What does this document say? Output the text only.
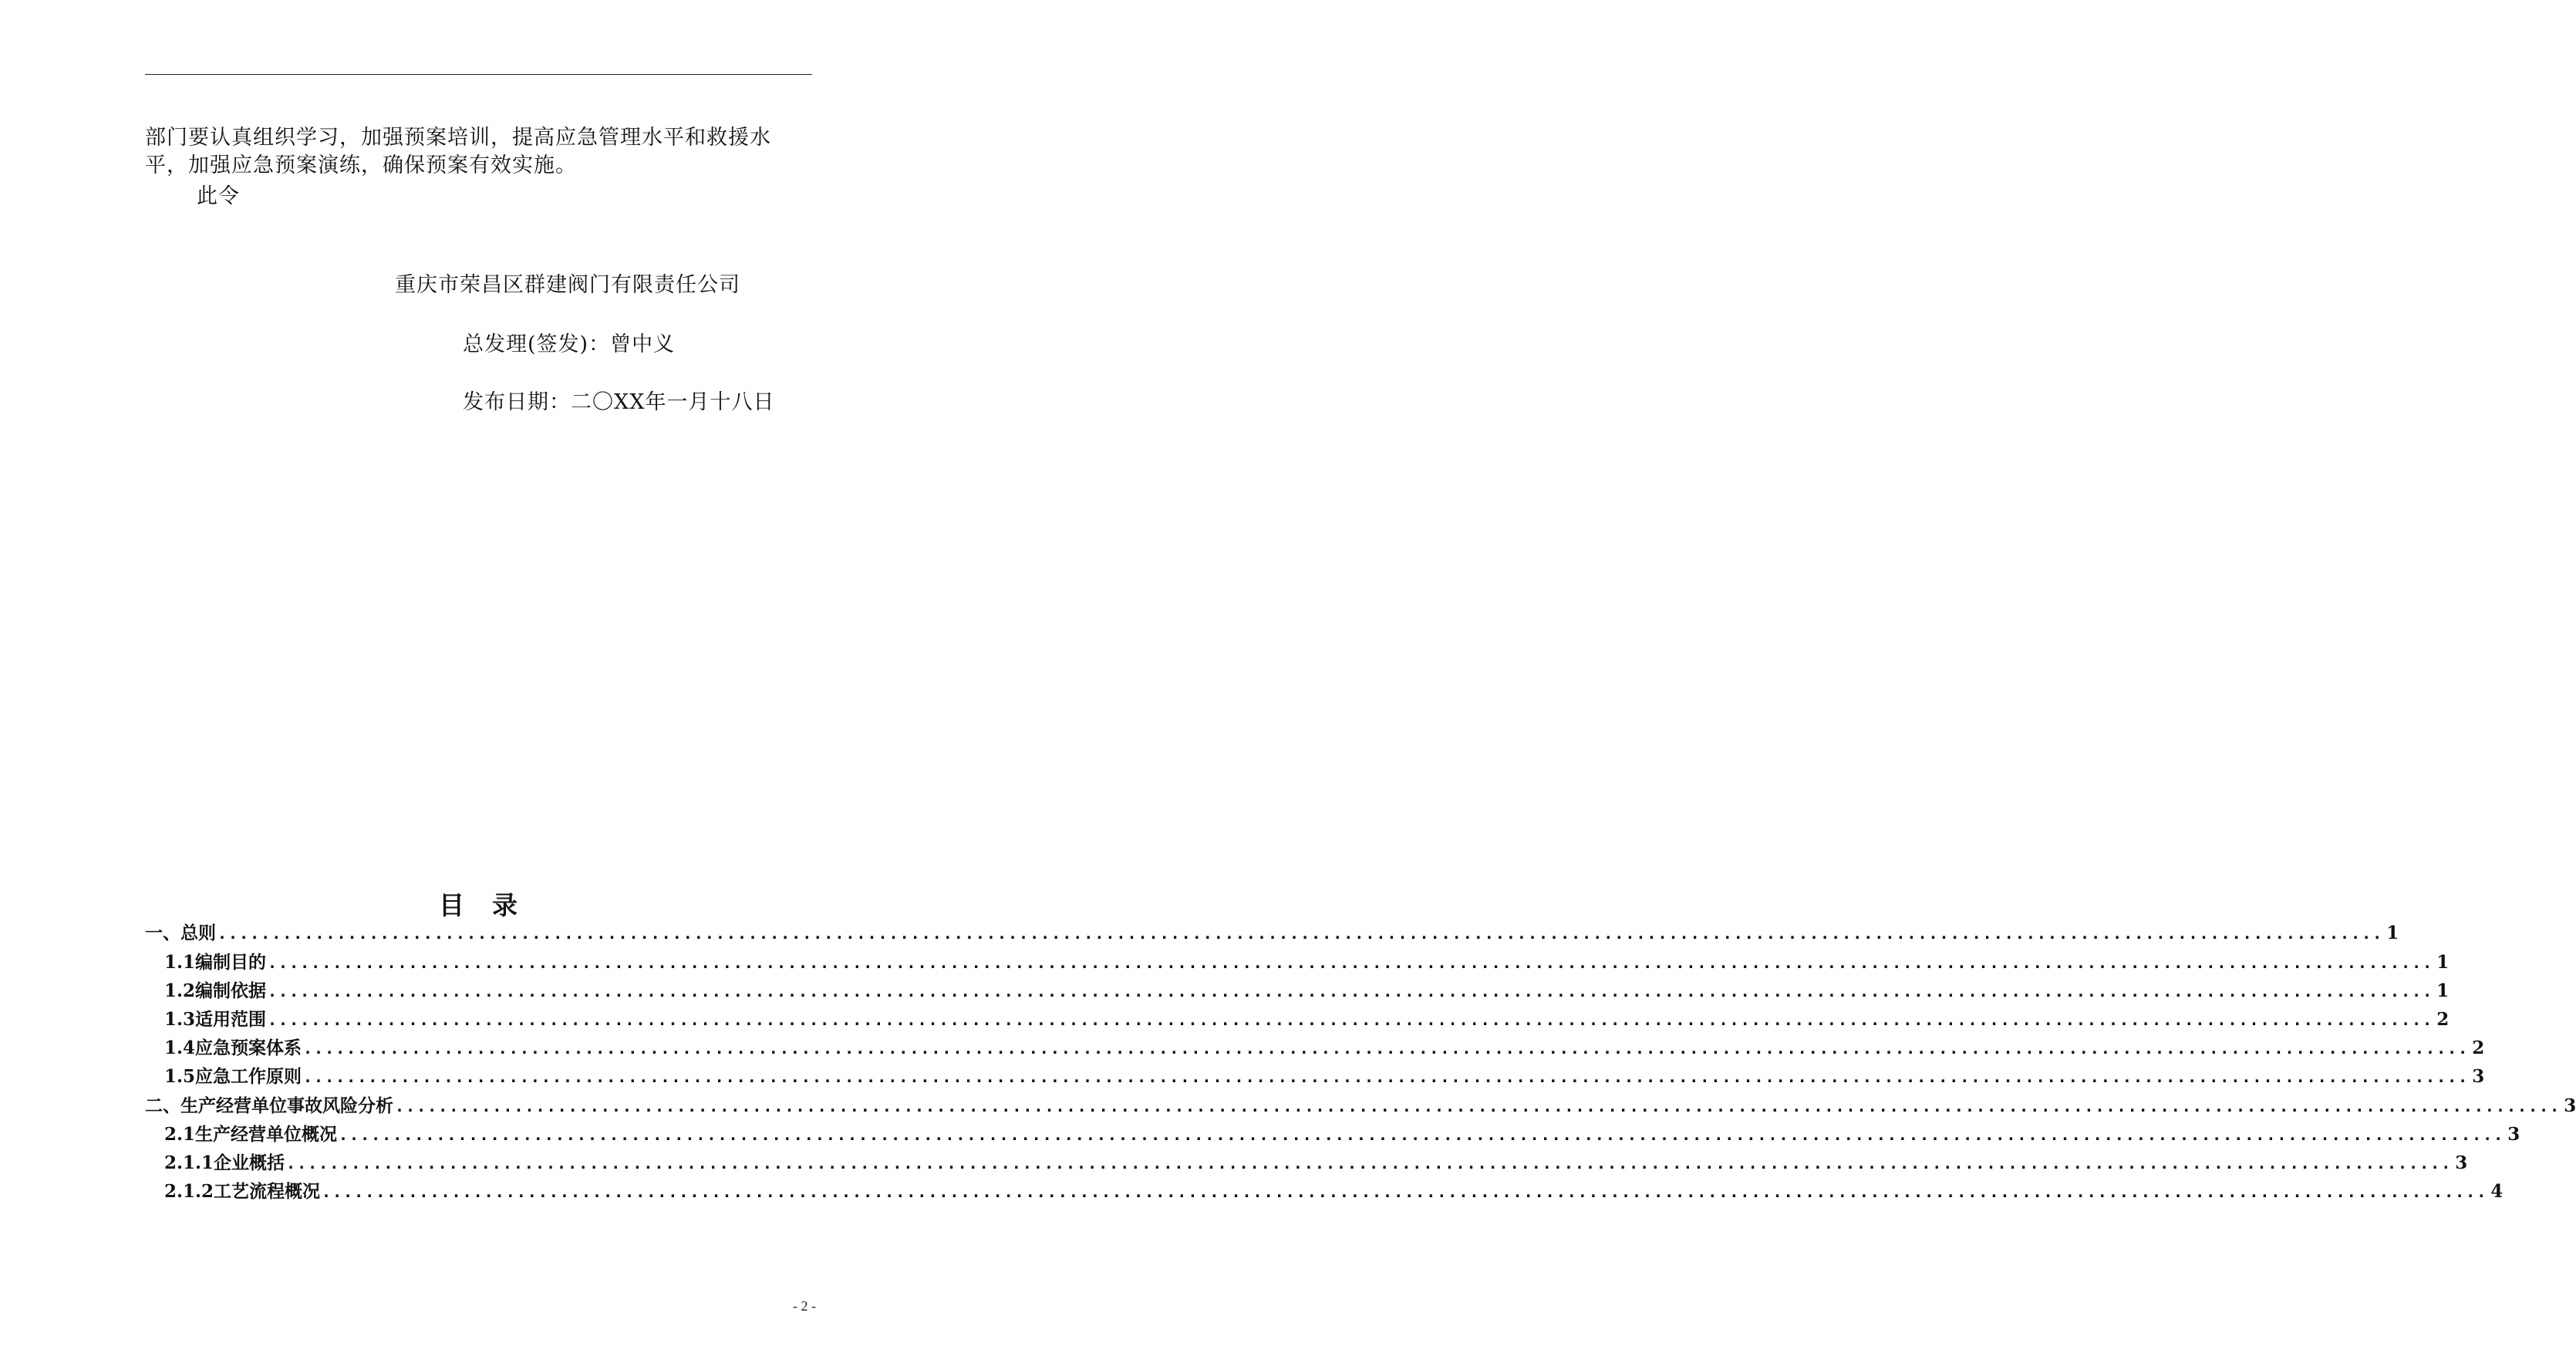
部门要认真组织学习，加强预案培训，提高应急管理水平和救援水
平，加强应急预案演练，确保预案有效实施。
此令
重庆市荣昌区群建阀门有限责任公司
总发理(签发)：曾中义
发布日期：二〇XX年一月十八日
目 录
一、总则 ........................................................................................................................................................................................................ 1
1.1编制目的 ........................................................................................................................................................................................................ 1
1.2编制依据 ........................................................................................................................................................................................................ 1
1.3适用范围 ........................................................................................................................................................................................................ 2
1.4应急预案体系 ........................................................................................................................................................................................................ 2
1.5应急工作原则 ........................................................................................................................................................................................................ 3
二、生产经营单位事故风险分析 ........................................................................................................................................................................................................ 3
2.1生产经营单位概况 ........................................................................................................................................................................................................ 3
2.1.1企业概括 ........................................................................................................................................................................................................ 3
2.1.2工艺流程概况 ........................................................................................................................................................................................................ 4
- 2 -
